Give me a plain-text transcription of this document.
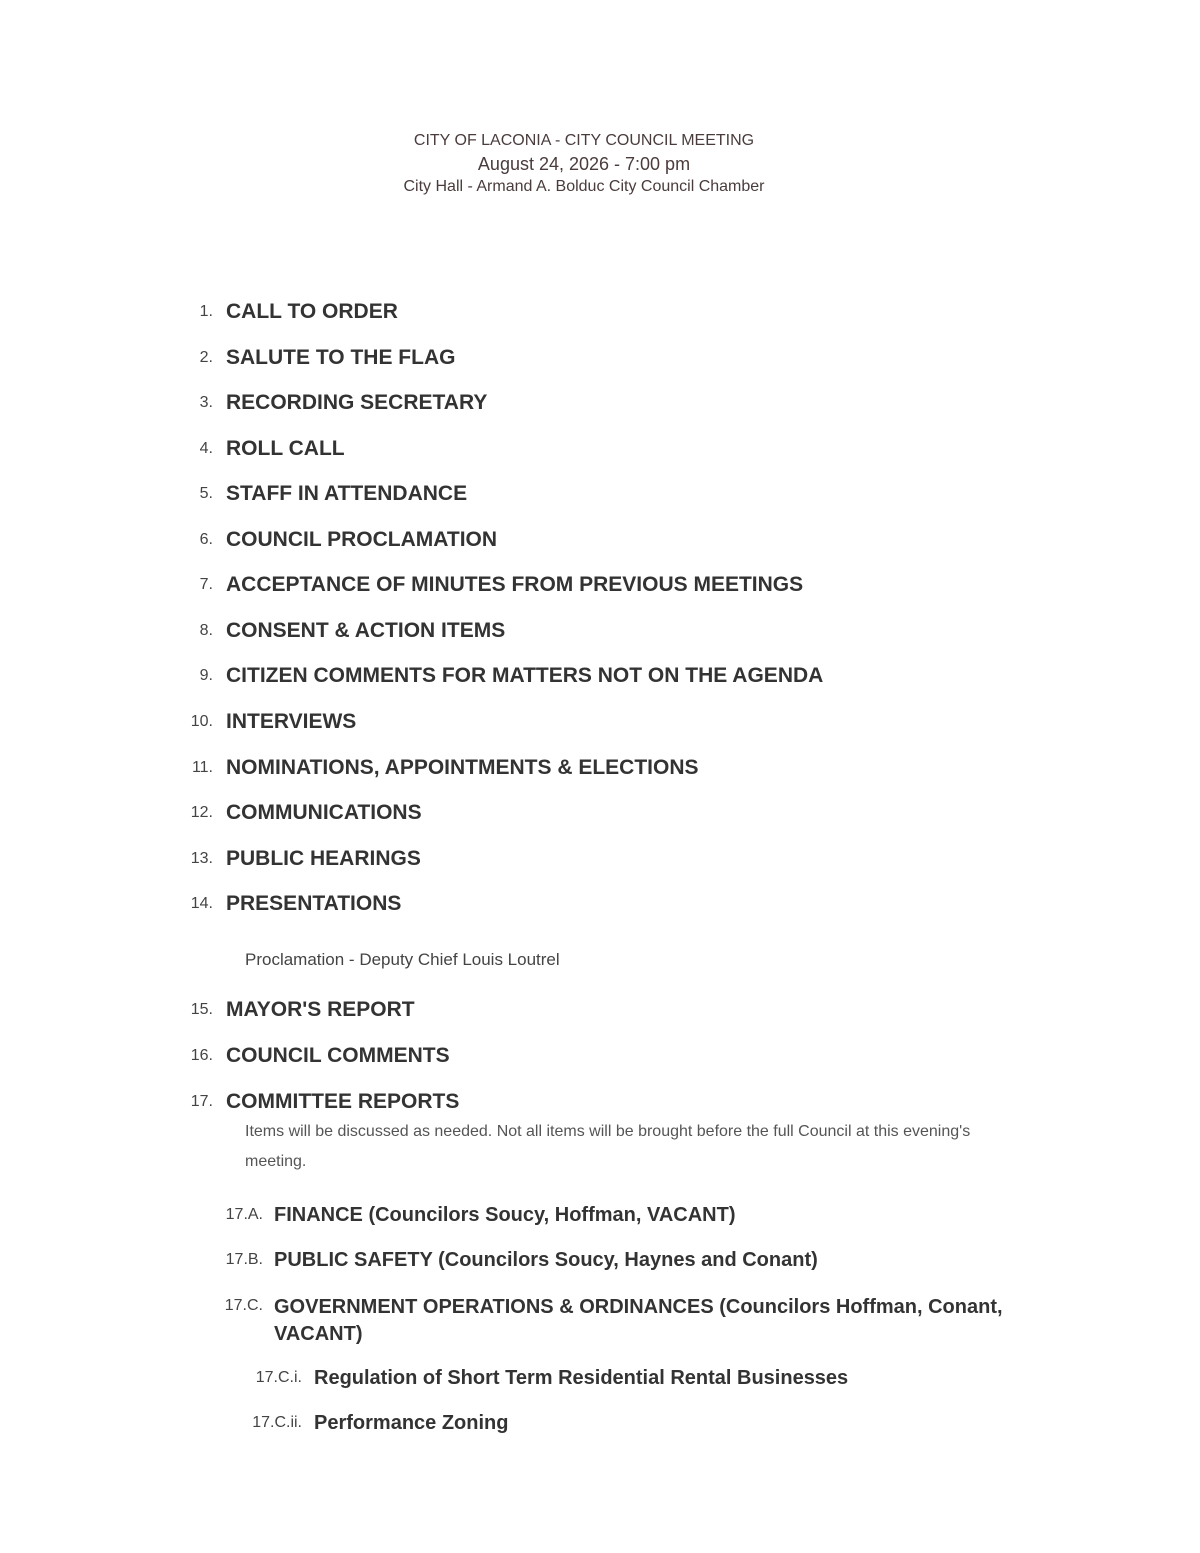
CITY OF LACONIA - CITY COUNCIL MEETING
August 24, 2026 - 7:00 pm
City Hall - Armand A. Bolduc City Council Chamber
1. CALL TO ORDER
2. SALUTE TO THE FLAG
3. RECORDING SECRETARY
4. ROLL CALL
5. STAFF IN ATTENDANCE
6. COUNCIL PROCLAMATION
7. ACCEPTANCE OF MINUTES FROM PREVIOUS MEETINGS
8. CONSENT & ACTION ITEMS
9. CITIZEN COMMENTS FOR MATTERS NOT ON THE AGENDA
10. INTERVIEWS
11. NOMINATIONS, APPOINTMENTS & ELECTIONS
12. COMMUNICATIONS
13. PUBLIC HEARINGS
14. PRESENTATIONS
Proclamation - Deputy Chief Louis Loutrel
15. MAYOR'S REPORT
16. COUNCIL COMMENTS
17. COMMITTEE REPORTS
Items will be discussed as needed. Not all items will be brought before the full Council at this evening's meeting.
17.A. FINANCE (Councilors Soucy, Hoffman, VACANT)
17.B. PUBLIC SAFETY (Councilors Soucy, Haynes and Conant)
17.C. GOVERNMENT OPERATIONS & ORDINANCES (Councilors Hoffman, Conant, VACANT)
17.C.i. Regulation of Short Term Residential Rental Businesses
17.C.ii. Performance Zoning
